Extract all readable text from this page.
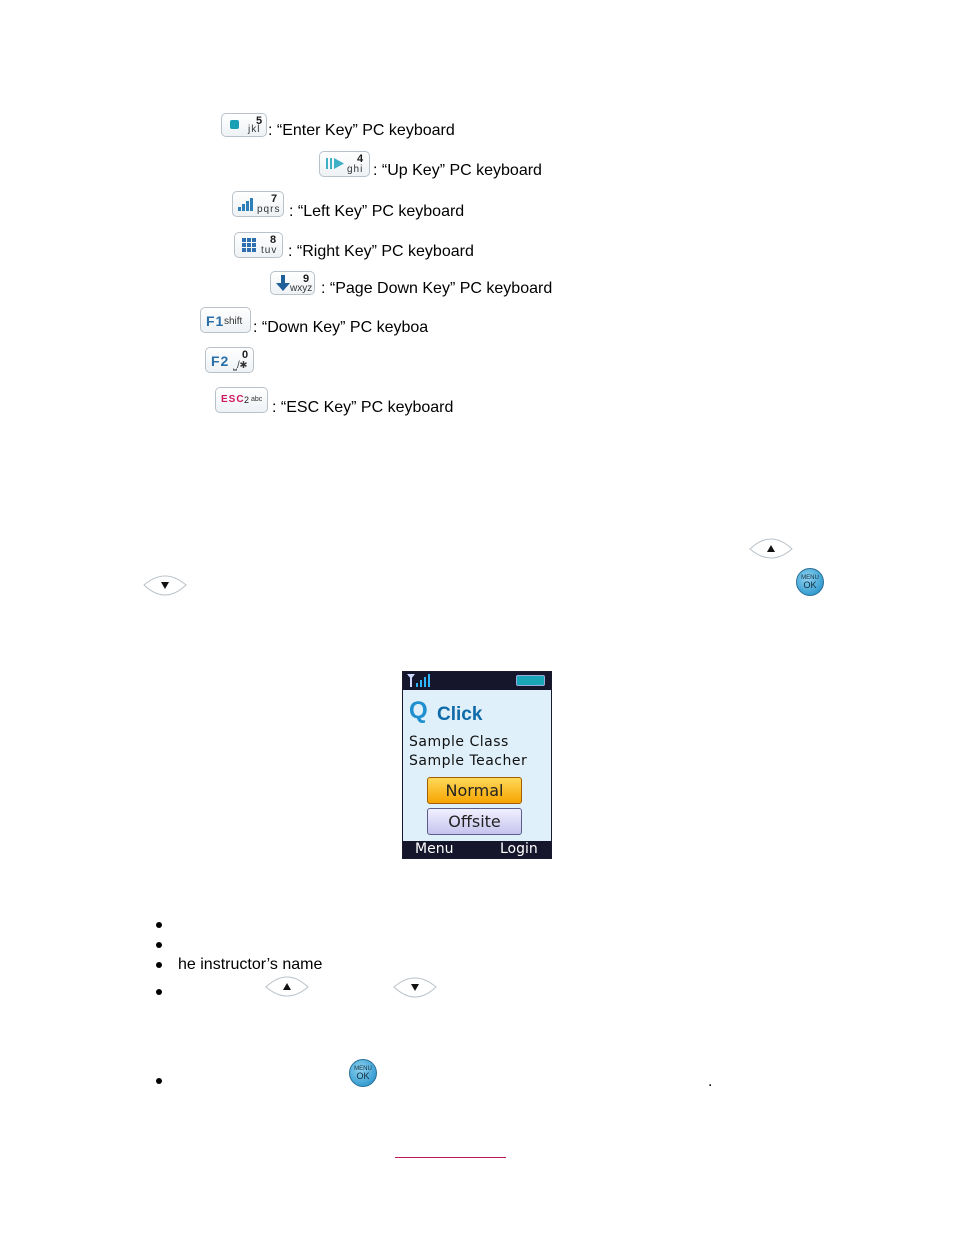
5
jkl : “Enter Key” PC keyboard
4
ghi : “Up Key” PC keyboard
7
pqrs : “Left Key” PC keyboard
8
tuv : “Right Key” PC keyboard
9
wxyz : “Page Down Key” PC keyboard
F1 shift : “Down Key” PC keyboa
F2 0
⎵/✱
ESC 2 abc : “ESC Key” PC keyboard
MENU
OK
Q Click
Sample Class
Sample Teacher
Normal
Offsite
Menu	Login
he instructor’s name
MENU
OK	.
